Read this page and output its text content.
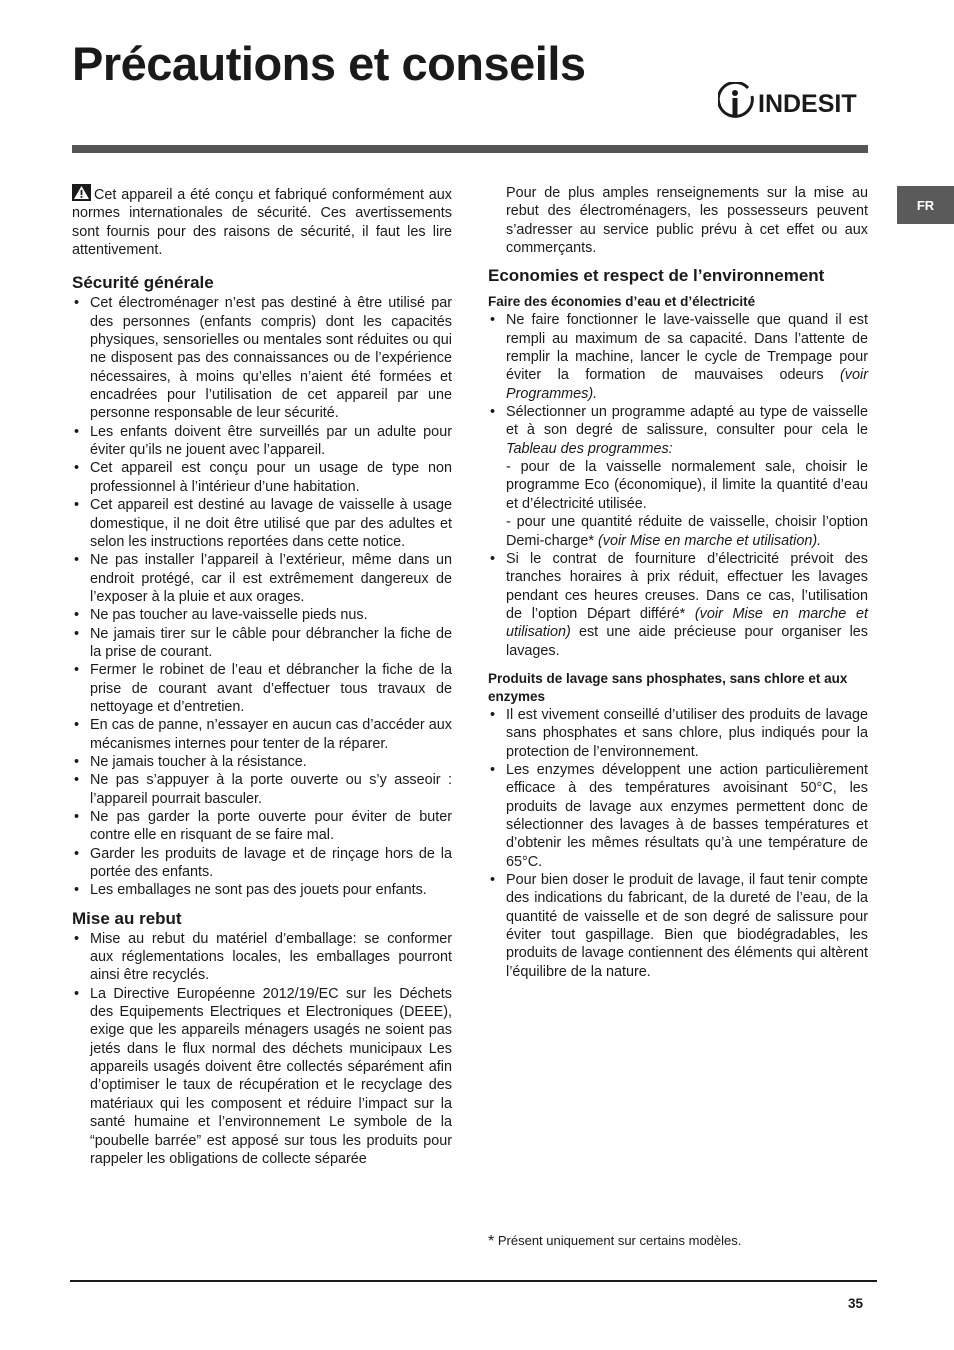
Précautions et conseils
INDESIT
FR

Cet appareil a été conçu et fabriqué conformément aux normes internationales de sécurité. Ces avertissements sont fournis pour des raisons de sécurité, il faut les lire attentivement.

Sécurité générale
• Cet électroménager n’est pas destiné à être utilisé par des personnes (enfants compris) dont les capacités physiques, sensorielles ou mentales sont réduites ou qui ne disposent pas des connaissances ou de l’expérience nécessaires, à moins qu’elles n’aient été formées et encadrées pour l’utilisation de cet appareil par une personne responsable de leur sécurité.
• Les enfants doivent être surveillés par un adulte pour éviter qu’ils ne jouent avec l’appareil.
• Cet appareil est conçu pour un usage de type non professionnel à l’intérieur d’une habitation.
• Cet appareil est destiné au lavage de vaisselle à usage domestique, il ne doit être utilisé que par des adultes et selon les instructions reportées dans cette notice.
• Ne pas installer l’appareil à l’extérieur, même dans un endroit protégé, car il est extrêmement dangereux de l’exposer à la pluie et aux orages.
• Ne pas toucher au lave-vaisselle pieds nus.
• Ne jamais tirer sur le câble pour débrancher la fiche de la prise de courant.
• Fermer le robinet de l’eau et débrancher la fiche de la prise de courant avant d’effectuer tous travaux de nettoyage et d’entretien.
• En cas de panne, n’essayer en aucun cas d’accéder aux mécanismes internes pour tenter de la réparer.
• Ne jamais toucher à la résistance.
• Ne pas s’appuyer à la porte ouverte ou s’y asseoir : l’appareil pourrait basculer.
• Ne pas garder la porte ouverte pour éviter de buter contre elle en risquant de se faire mal.
• Garder les produits de lavage et de rinçage hors de la portée des enfants.
• Les emballages ne sont pas des jouets pour enfants.
Mise au rebut
• Mise au rebut du matériel d’emballage: se conformer aux réglementations locales, les emballages pourront ainsi être recyclés.
• La Directive Européenne 2012/19/EC sur les Déchets des Equipements Electriques et Electroniques (DEEE), exige que les appareils ménagers usagés ne soient pas jetés dans le flux normal des déchets municipaux Les appareils usagés doivent être collectés séparément afin d’optimiser le taux de récupération et le recyclage des matériaux qui les composent et réduire l’impact sur la santé humaine et l’environnement Le symbole de la “poubelle barrée” est apposé sur tous les produits pour rappeler les obligations de collecte séparée

Pour de plus amples renseignements sur la mise au rebut des électroménagers, les possesseurs peuvent s’adresser au service public prévu à cet effet ou aux commerçants.

Economies et respect de l’environnement
Faire des économies d’eau et d’électricité
• Ne faire fonctionner le lave-vaisselle que quand il est rempli au maximum de sa capacité. Dans l’attente de remplir la machine, lancer le cycle de Trempage pour éviter la formation de mauvaises odeurs (voir Programmes).
• Sélectionner un programme adapté au type de vaisselle et à son degré de salissure, consulter pour cela le Tableau des programmes:
- pour de la vaisselle normalement sale, choisir le programme Eco (économique), il limite la quantité d’eau et d’électricité utilisée.
- pour une quantité réduite de vaisselle, choisir l’option Demi-charge* (voir Mise en marche et utilisation).
• Si le contrat de fourniture d’électricité prévoit des tranches horaires à prix réduit, effectuer les lavages pendant ces heures creuses. Dans ce cas, l’utilisation de l’option Départ différé* (voir Mise en marche et utilisation) est une aide précieuse pour organiser les lavages.
Produits de lavage sans phosphates, sans chlore et aux enzymes
• Il est vivement conseillé d’utiliser des produits de lavage sans phosphates et sans chlore, plus indiqués pour la protection de l’environnement.
• Les enzymes développent une action particulièrement efficace à des températures avoisinant 50°C, les produits de lavage aux enzymes permettent donc de sélectionner des lavages à de basses températures et d’obtenir les mêmes résultats qu’à une température de 65°C.
• Pour bien doser le produit de lavage, il faut tenir compte des indications du fabricant, de la dureté de l’eau, de la quantité de vaisselle et de son degré de salissure pour éviter tout gaspillage. Bien que biodégradables, les produits de lavage contiennent des éléments qui altèrent l’équilibre de la nature.
* Présent uniquement sur certains modèles.
35
